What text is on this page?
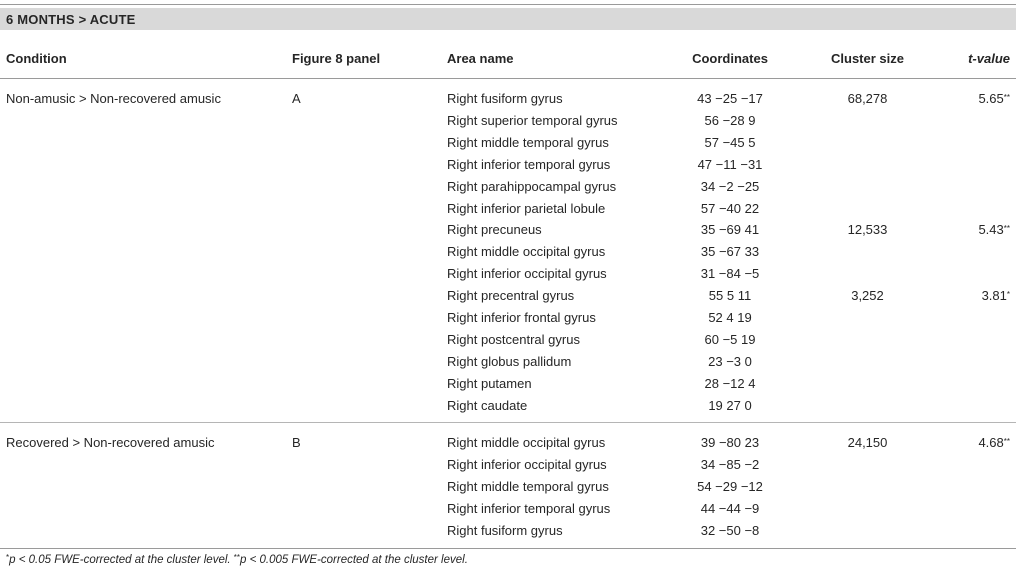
6 MONTHS > ACUTE
Condition	Figure 8 panel	Area name	Coordinates	Cluster size	t-value
Non-amusic > Non-recovered amusic	A	Right fusiform gyrus	43 −25 −17	68,278	5.65**
Right superior temporal gyrus	56 −28 9
Right middle temporal gyrus	57 −45 5
Right inferior temporal gyrus	47 −11 −31
Right parahippocampal gyrus	34 −2 −25
Right inferior parietal lobule	57 −40 22
Right precuneus	35 −69 41	12,533	5.43**
Right middle occipital gyrus	35 −67 33
Right inferior occipital gyrus	31 −84 −5
Right precentral gyrus	55 5 11	3,252	3.81*
Right inferior frontal gyrus	52 4 19
Right postcentral gyrus	60 −5 19
Right globus pallidum	23 −3 0
Right putamen	28 −12 4
Right caudate	19 27 0
Recovered > Non-recovered amusic	B	Right middle occipital gyrus	39 −80 23	24,150	4.68**
Right inferior occipital gyrus	34 −85 −2
Right middle temporal gyrus	54 −29 −12
Right inferior temporal gyrus	44 −44 −9
Right fusiform gyrus	32 −50 −8
*p < 0.05 FWE-corrected at the cluster level. **p < 0.005 FWE-corrected at the cluster level.
